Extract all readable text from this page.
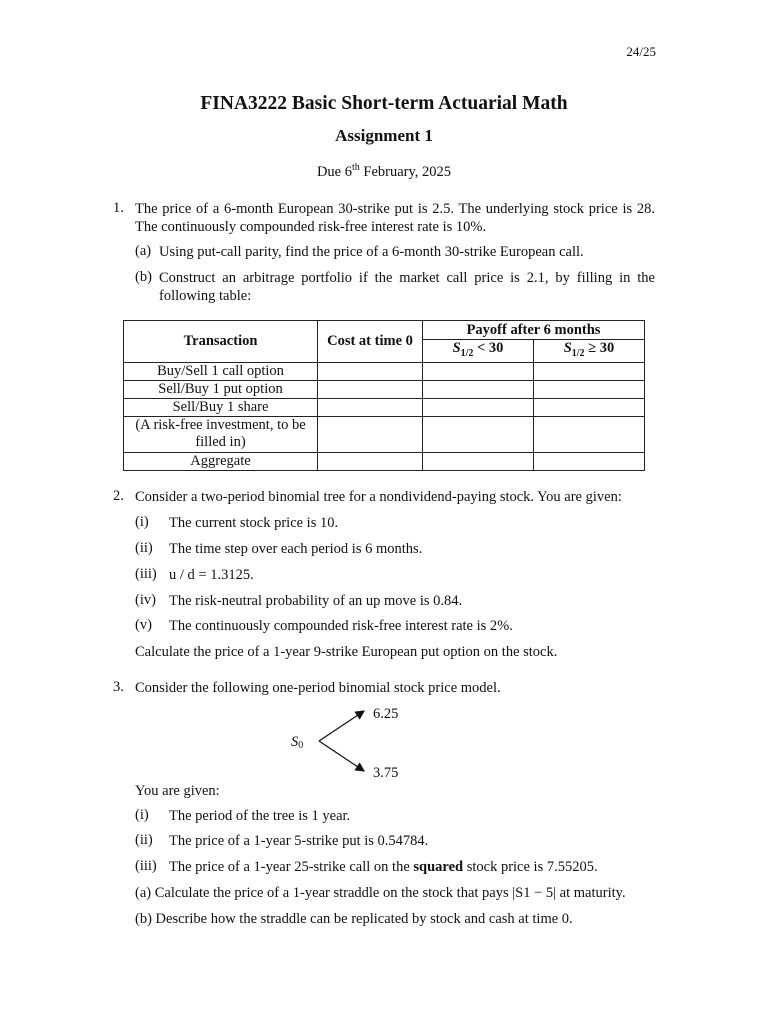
24/25
FINA3222 Basic Short-term Actuarial Math
Assignment 1
Due 6th February, 2025
1. The price of a 6-month European 30-strike put is 2.5. The underlying stock price is 28. The continuously compounded risk-free interest rate is 10%.
(a) Using put-call parity, find the price of a 6-month 30-strike European call.
(b) Construct an arbitrage portfolio if the market call price is 2.1, by filling in the following table:
Transaction	Cost at time 0	Payoff after 6 months	
		$S_{1/2} < 30$	$S_{1/2} \ge 30$
Buy/Sell 1 call option			
Sell/Buy 1 put option			
Sell/Buy 1 share			
(A risk-free investment, to be filled in)			
Aggregate			
2. Consider a two-period binomial tree for a nondividend-paying stock. You are given:
(i) The current stock price is 10.
(ii) The time step over each period is 6 months.
(iii) u / d = 1.3125.
(iv) The risk-neutral probability of an up move is 0.84.
(v) The continuously compounded risk-free interest rate is 2%.
Calculate the price of a 1-year 9-strike European put option on the stock.
3. Consider the following one-period binomial stock price model.
S0
6.25
3.75
You are given:
(i) The period of the tree is 1 year.
(ii) The price of a 1-year 5-strike put is 0.54784.
(iii) The price of a 1-year 25-strike call on the squared stock price is 7.55205.
(a) Calculate the price of a 1-year straddle on the stock that pays |S1 − 5| at maturity.
(b) Describe how the straddle can be replicated by stock and cash at time 0.
